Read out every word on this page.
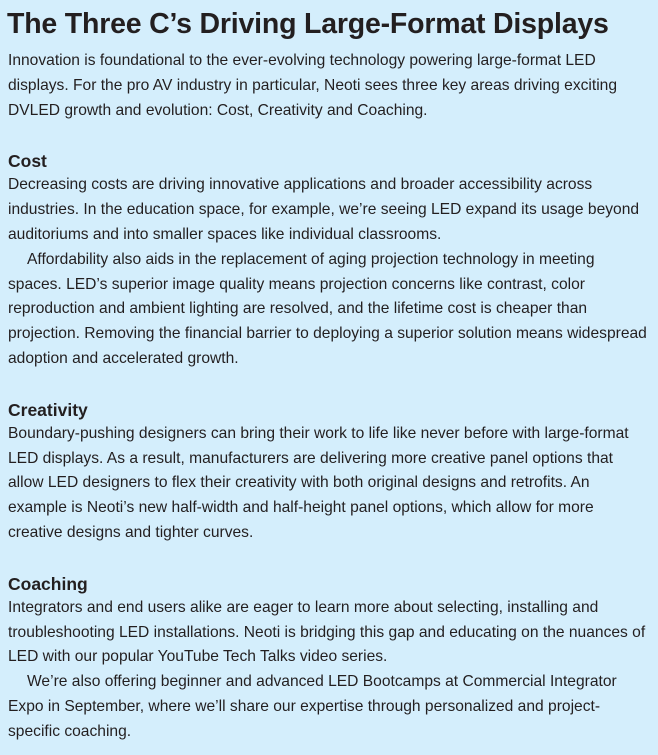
The Three C’s Driving Large-Format Displays

Innovation is foundational to the ever-evolving technology powering large-format LED displays. For the pro AV industry in particular, Neoti sees three key areas driving exciting DVLED growth and evolution: Cost, Creativity and Coaching.

Cost

Decreasing costs are driving innovative applications and broader accessibility across industries. In the education space, for example, we’re seeing LED expand its usage beyond auditoriums and into smaller spaces like individual classrooms.

Affordability also aids in the replacement of aging projection technology in meeting spaces. LED’s superior image quality means projection concerns like contrast, color reproduction and ambient lighting are resolved, and the lifetime cost is cheaper than projection. Removing the financial barrier to deploying a superior solution means widespread adoption and accelerated growth.

Creativity

Boundary-pushing designers can bring their work to life like never before with large-format LED displays. As a result, manufacturers are delivering more creative panel options that allow LED designers to flex their creativity with both original designs and retrofits. An example is Neoti’s new half-width and half-height panel options, which allow for more creative designs and tighter curves.

Coaching

Integrators and end users alike are eager to learn more about selecting, installing and troubleshooting LED installations. Neoti is bridging this gap and educating on the nuances of LED with our popular YouTube Tech Talks video series.

We’re also offering beginner and advanced LED Bootcamps at Commercial Integrator Expo in September, where we’ll share our expertise through personalized and project-specific coaching.
